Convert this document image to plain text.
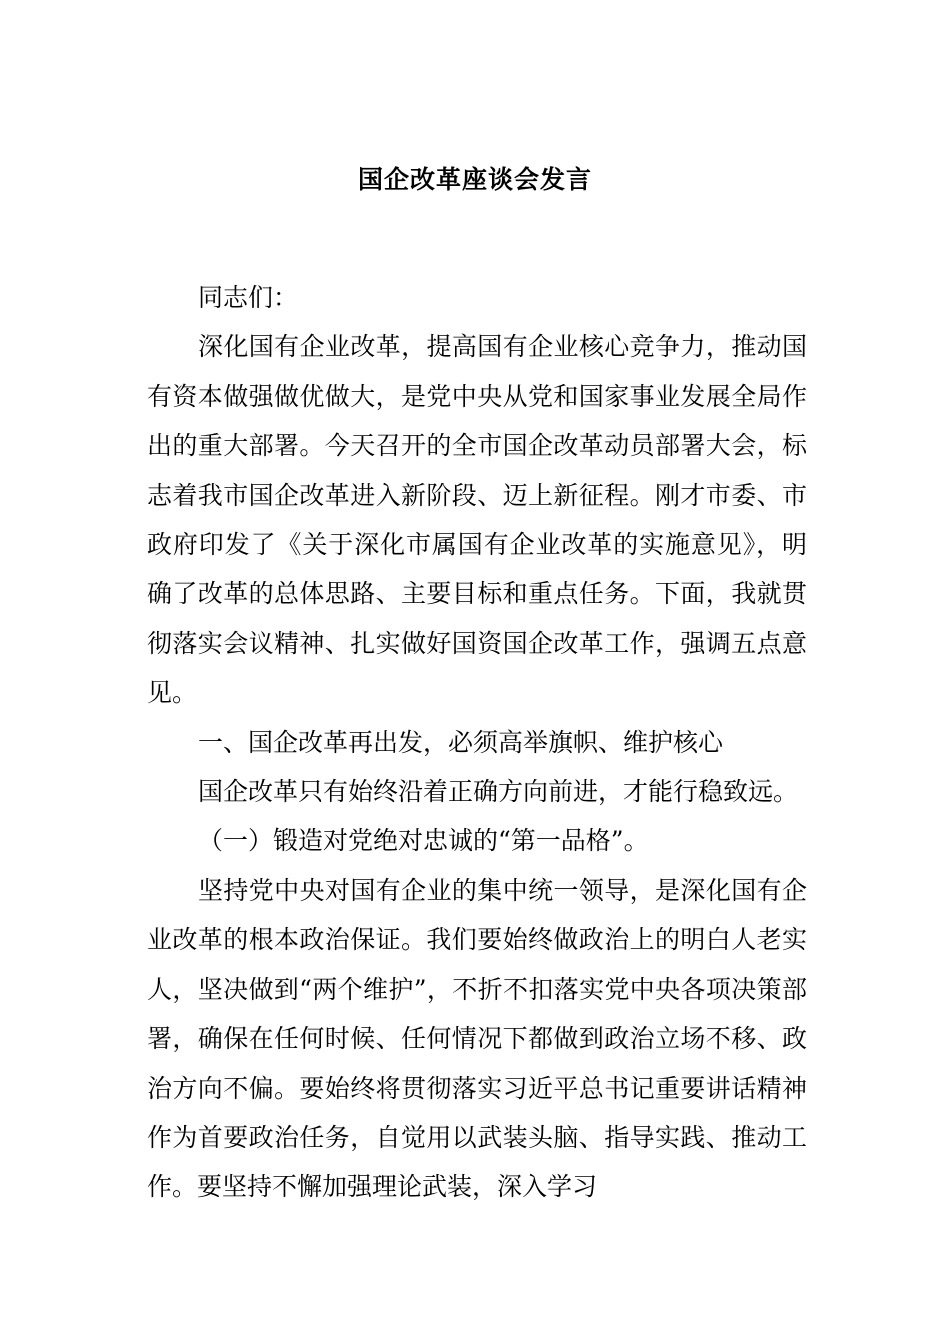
国企改革座谈会发言

同志们：

深化国有企业改革，提高国有企业核心竞争力，推动国有资本做强做优做大，是党中央从党和国家事业发展全局作出的重大部署。今天召开的全市国企改革动员部署大会，标志着我市国企改革进入新阶段、迈上新征程。刚才市委、市政府印发了《关于深化市属国有企业改革的实施意见》，明确了改革的总体思路、主要目标和重点任务。下面，我就贯彻落实会议精神、扎实做好国资国企改革工作，强调五点意见。

一、国企改革再出发，必须高举旗帜、维护核心

国企改革只有始终沿着正确方向前进，才能行稳致远。

（一）锻造对党绝对忠诚的“第一品格”。

坚持党中央对国有企业的集中统一领导，是深化国有企业改革的根本政治保证。我们要始终做政治上的明白人老实人，坚决做到“两个维护”，不折不扣落实党中央各项决策部署，确保在任何时候、任何情况下都做到政治立场不移、政治方向不偏。要始终将贯彻落实习近平总书记重要讲话精神作为首要政治任务，自觉用以武装头脑、指导实践、推动工作。要坚持不懈加强理论武装，深入学习
